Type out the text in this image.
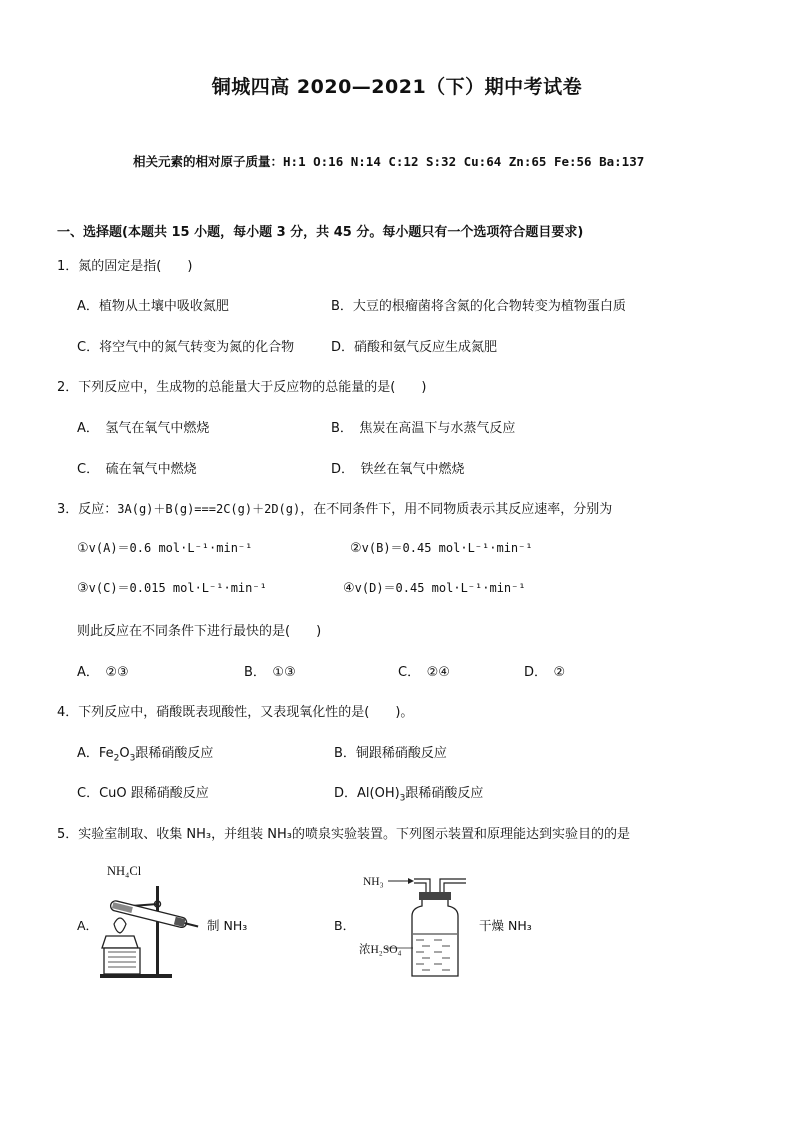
铜城四高 2020—2021（下）期中考试卷
相关元素的相对原子质量：H:1 O:16 N:14 C:12 S:32 Cu:64 Zn:65 Fe:56 Ba:137
一、选择题(本题共 15 小题，每小题 3 分，共 45 分。每小题只有一个选项符合题目要求)
1．氮的固定是指(　　)
A．植物从土壤中吸收氮肥	B．大豆的根瘤菌将含氮的化合物转变为植物蛋白质
C．将空气中的氮气转变为氮的化合物	D．硝酸和氨气反应生成氮肥
2．下列反应中，生成物的总能量大于反应物的总能量的是(　　)
A．　氢气在氧气中燃烧	B．　焦炭在高温下与水蒸气反应
C．　硫在氧气中燃烧	D．　铁丝在氧气中燃烧
3．反应：3A(g)＋B(g)===2C(g)＋2D(g)，在不同条件下，用不同物质表示其反应速率，分别为
①v(A)＝0.6 mol·L⁻¹·min⁻¹	②v(B)＝0.45 mol·L⁻¹·min⁻¹
③v(C)＝0.015 mol·L⁻¹·min⁻¹	④v(D)＝0.45 mol·L⁻¹·min⁻¹
则此反应在不同条件下进行最快的是(　　)
A．　②③	B．　①③	C．　②④	D．　②
4．下列反应中，硝酸既表现酸性，又表现氧化性的是(　　)。
A．$Fe_2O_3$跟稀硝酸反应	B．铜跟稀硝酸反应
C．CuO 跟稀硝酸反应	D．$Al(OH)_3$跟稀硝酸反应
5．实验室制取、收集 NH₃，并组装 NH₃的喷泉实验装置。下列图示装置和原理能达到实验目的的是
A．
NH₄Cl
制 NH₃	B．
NH₃
浓H₂SO₄
干燥 NH₃
